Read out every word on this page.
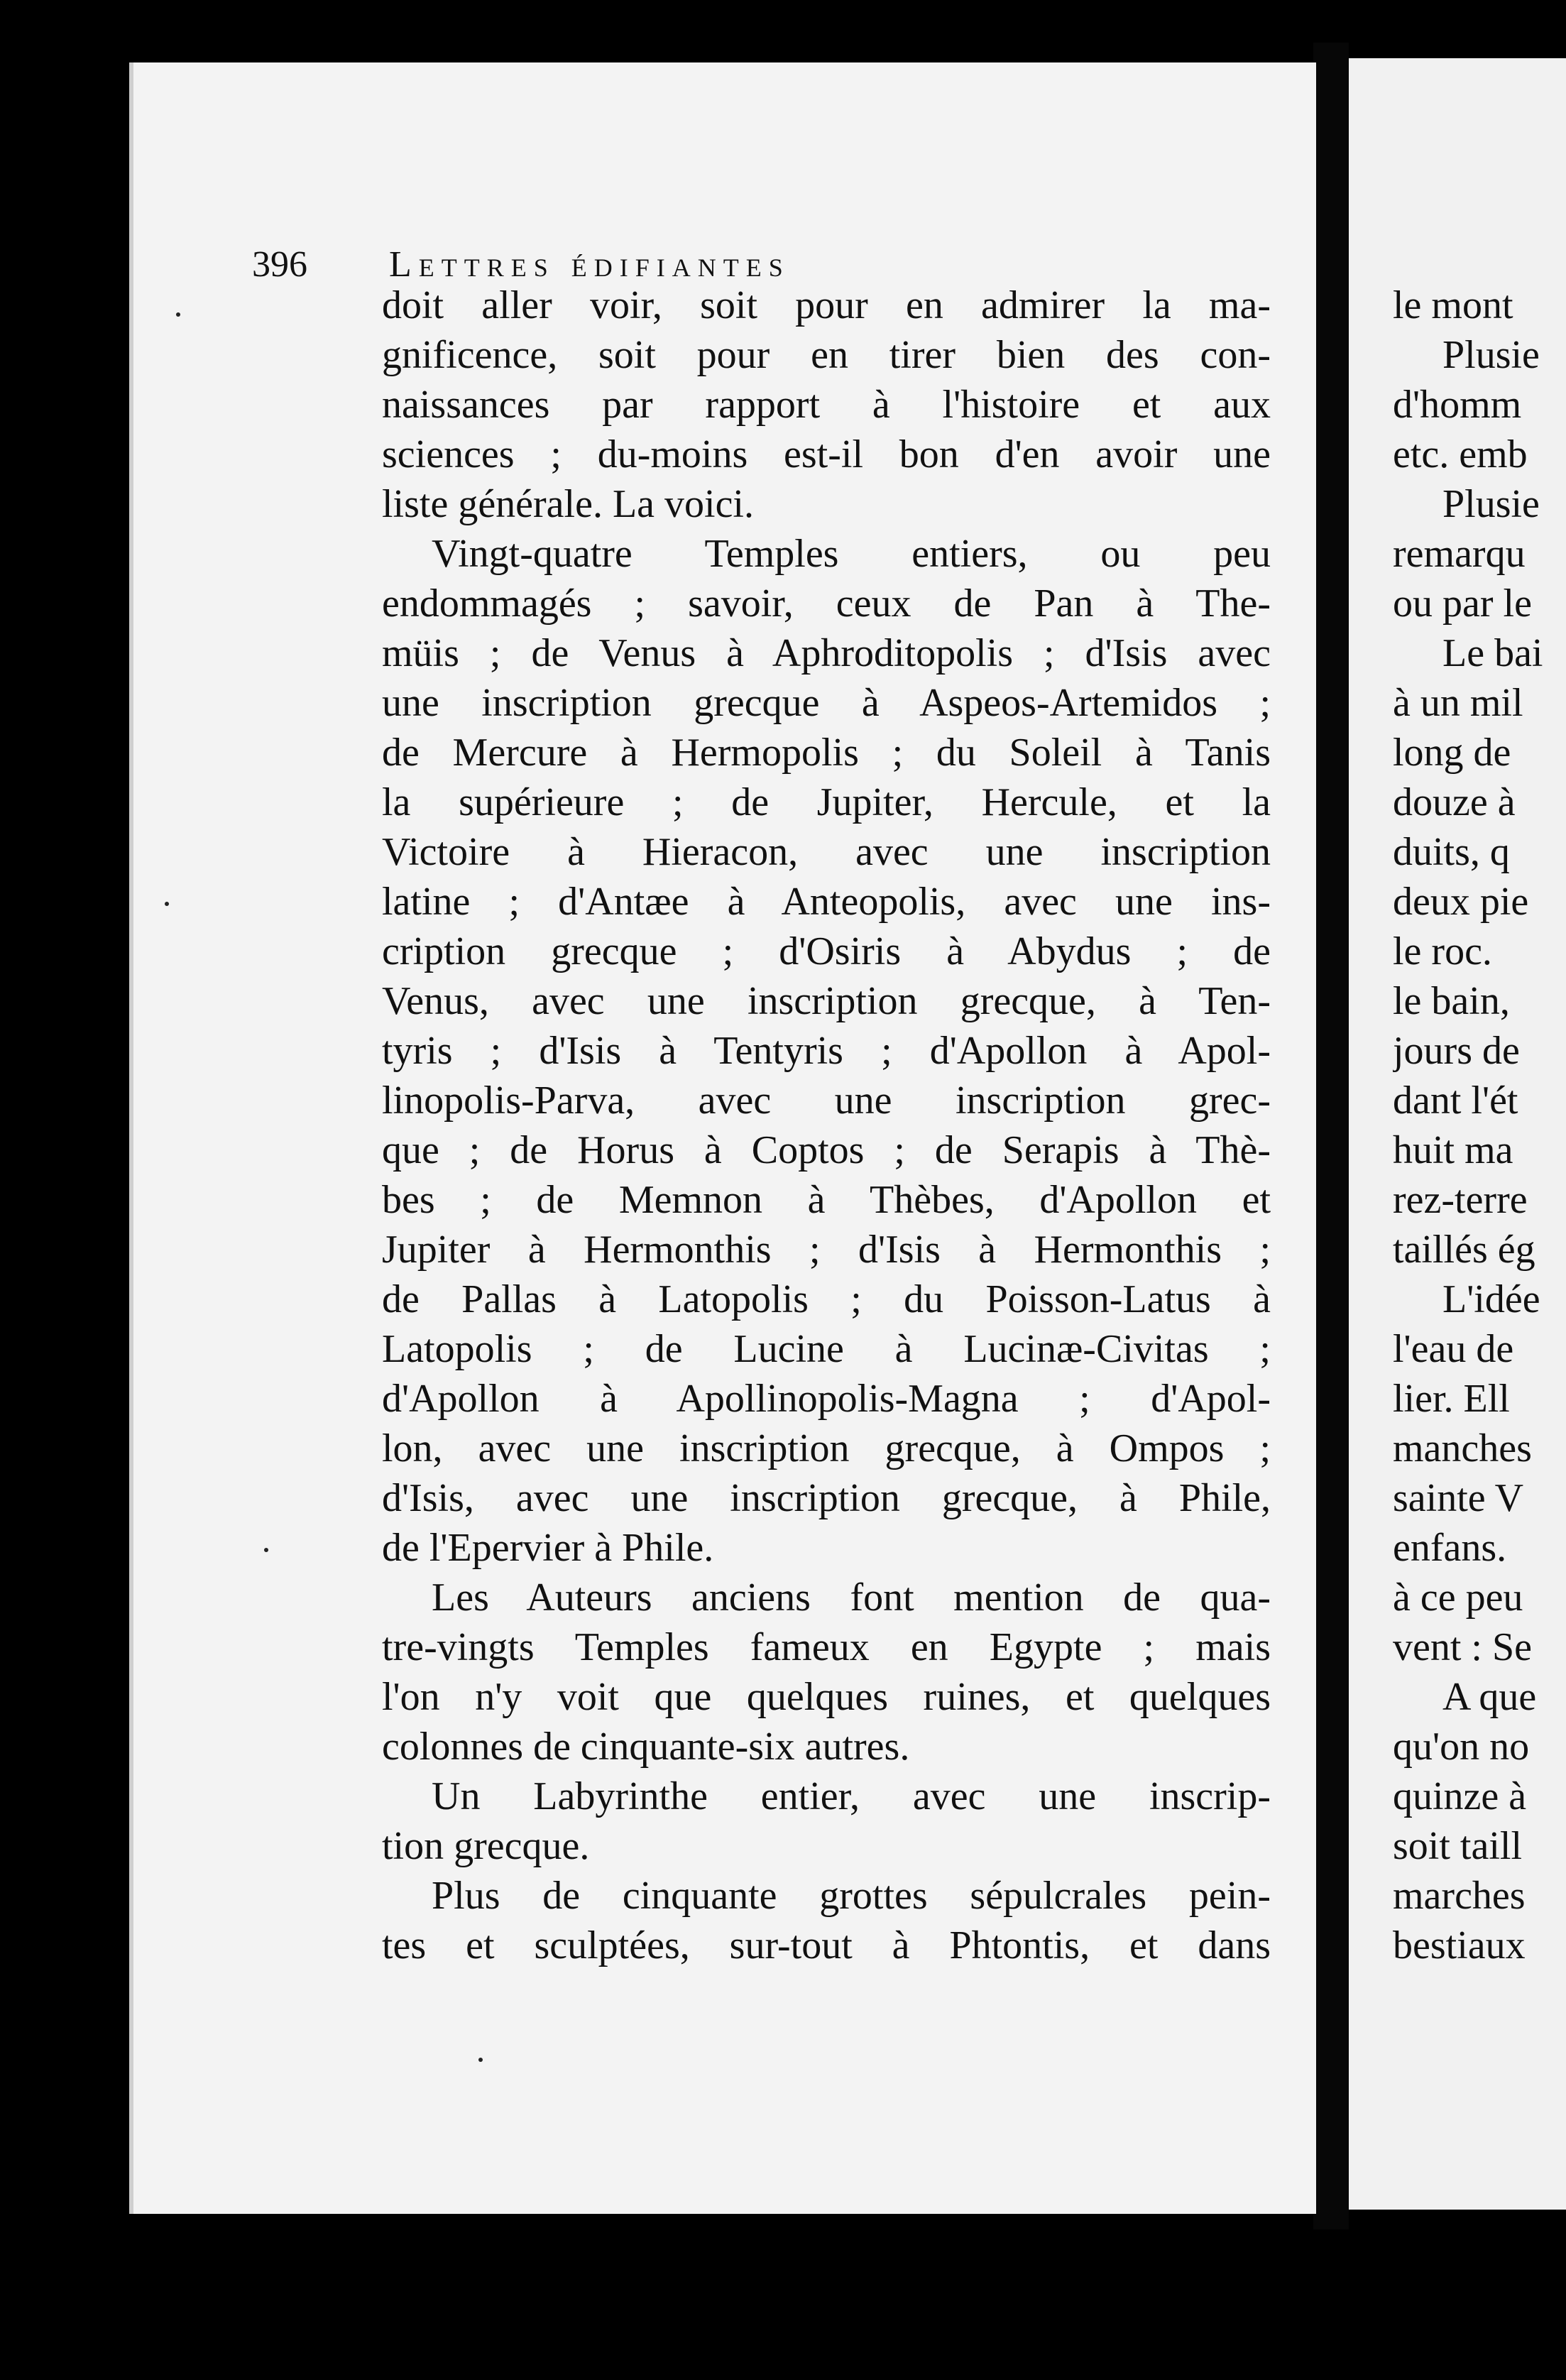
396 Lettres édifiantes
doit aller voir, soit pour en admirer la ma-
gnificence, soit pour en tirer bien des con-
naissances par rapport à l'histoire et aux
sciences ; du-moins est-il bon d'en avoir une
liste générale. La voici.
Vingt-quatre Temples entiers, ou peu
endommagés ; savoir, ceux de Pan à The-
müis ; de Venus à Aphroditopolis ; d'Isis avec
une inscription grecque à Aspeos-Artemidos ;
de Mercure à Hermopolis ; du Soleil à Tanis
la supérieure ; de Jupiter, Hercule, et la
Victoire à Hieracon, avec une inscription
latine ; d'Antæe à Anteopolis, avec une ins-
cription grecque ; d'Osiris à Abydus ; de
Venus, avec une inscription grecque, à Ten-
tyris ; d'Isis à Tentyris ; d'Apollon à Apol-
linopolis-Parva, avec une inscription grec-
que ; de Horus à Coptos ; de Serapis à Thè-
bes ; de Memnon à Thèbes, d'Apollon et
Jupiter à Hermonthis ; d'Isis à Hermonthis ;
de Pallas à Latopolis ; du Poisson-Latus à
Latopolis ; de Lucine à Lucinæ-Civitas ;
d'Apollon à Apollinopolis-Magna ; d'Apol-
lon, avec une inscription grecque, à Ompos ;
d'Isis, avec une inscription grecque, à Phile,
de l'Epervier à Phile.
Les Auteurs anciens font mention de qua-
tre-vingts Temples fameux en Egypte ; mais
l'on n'y voit que quelques ruines, et quelques
colonnes de cinquante-six autres.
Un Labyrinthe entier, avec une inscrip-
tion grecque.
Plus de cinquante grottes sépulcrales pein-
tes et sculptées, sur-tout à Phtontis, et dans
le mont
Plusie
d'homm
etc. emb
Plusie
remarqu
ou par le
Le bai
à un mil
long de
douze à
duits, q
deux pie
le roc.
le bain,
jours de
dant l'ét
huit ma
rez-terre
taillés ég
L'idée
l'eau de
lier. Ell
manches
sainte V
enfans.
à ce peu
vent : Se
A que
qu'on no
quinze à
soit taill
marches
bestiaux
